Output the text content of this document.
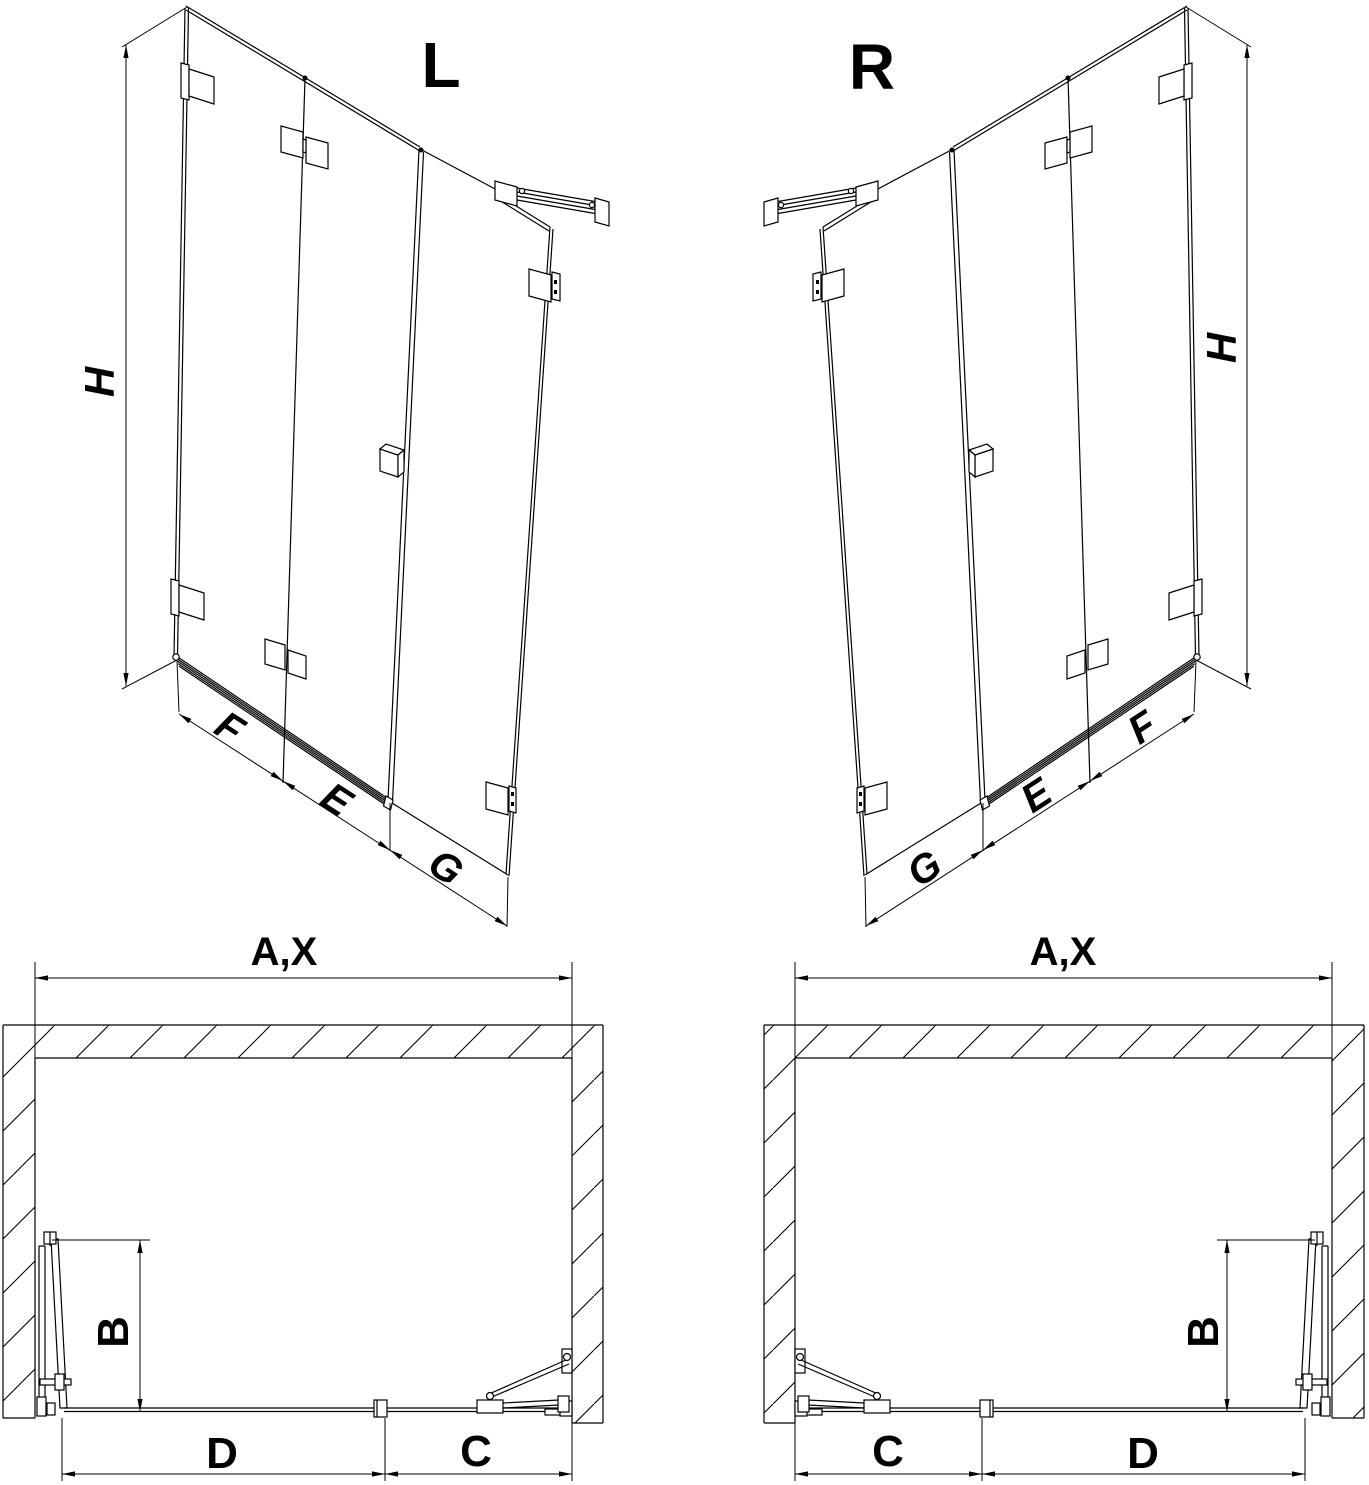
L
H
F
E
G
R
H
F
E
G
A,X
B
D	C
A,X
B
D
C
